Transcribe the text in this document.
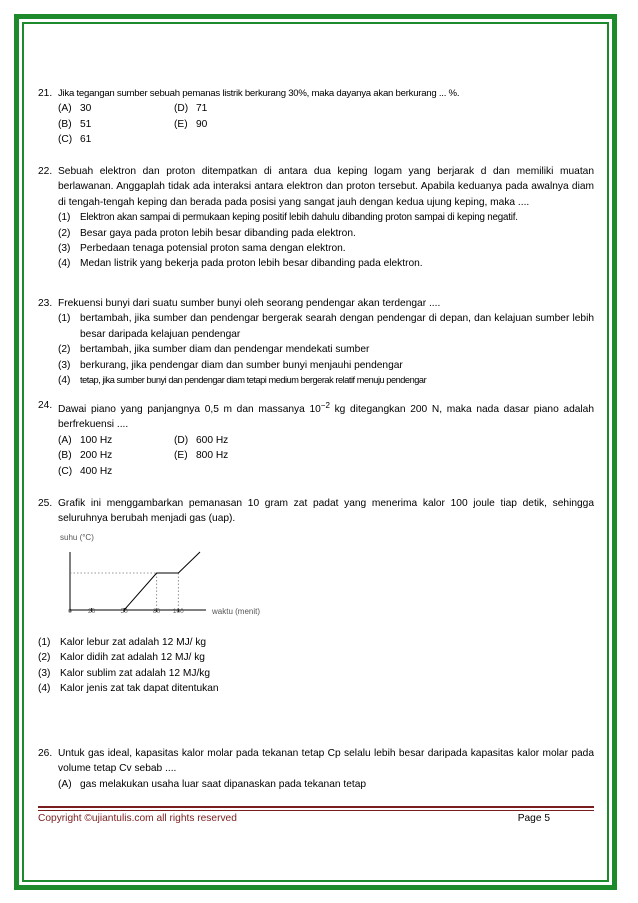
21. Jika tegangan sumber sebuah pemanas listrik berkurang 30%, maka dayanya akan berkurang ... %.
(A) 30	(D) 71
(B) 51	(E) 90
(C) 61
22. Sebuah elektron dan proton ditempatkan di antara dua keping logam yang berjarak d dan memiliki muatan berlawanan. Anggaplah tidak ada interaksi antara elektron dan proton tersebut. Apabila keduanya pada awalnya diam di tengah-tengah keping dan berada pada posisi yang sangat jauh dengan kedua ujung keping, maka ....
(1) Elektron akan sampai di permukaan keping positif lebih dahulu dibanding proton sampai di keping negatif.
(2) Besar gaya pada proton lebih besar dibanding pada elektron.
(3) Perbedaan tenaga potensial proton sama dengan elektron.
(4) Medan listrik yang bekerja pada proton lebih besar dibanding pada elektron.
23. Frekuensi bunyi dari suatu sumber bunyi oleh seorang pendengar akan terdengar ....
(1) bertambah, jika sumber dan pendengar bergerak searah dengan pendengar di depan, dan kelajuan sumber lebih besar daripada kelajuan pendengar
(2) bertambah, jika sumber diam dan pendengar mendekati sumber
(3) berkurang, jika pendengar diam dan sumber bunyi menjauhi pendengar
(4)	tetap, jika sumber bunyi dan pendengar diam tetapi medium bergerak relatif menuju pendengar
24. Dawai piano yang panjangnya 0,5 m dan massanya $10^{-2}$ kg ditegangkan 200 N, maka nada dasar piano adalah berfrekuensi ....
(A) 100 Hz	(D) 600 Hz
(B) 200 Hz	(E) 800 Hz
(C) 400 Hz
25. Grafik ini menggambarkan pemanasan 10 gram zat padat yang menerima kalor 100 joule tiap detik, sehingga seluruhnya berubah menjadi gas (uap).
suhu (°C)
0 20	50	80 100	waktu (menit)
(1) Kalor lebur zat adalah 12 MJ/ kg
(2) Kalor didih zat adalah 12 MJ/ kg
(3) Kalor sublim zat adalah 12 MJ/kg
(4) Kalor jenis zat tak dapat ditentukan
26. Untuk gas ideal, kapasitas kalor molar pada tekanan tetap Cp selalu lebih besar daripada kapasitas kalor molar pada volume tetap Cv sebab ....
(A) gas melakukan usaha luar saat dipanaskan pada tekanan tetap
Copyright ©ujiantulis.com all rights reserved	Page 5
